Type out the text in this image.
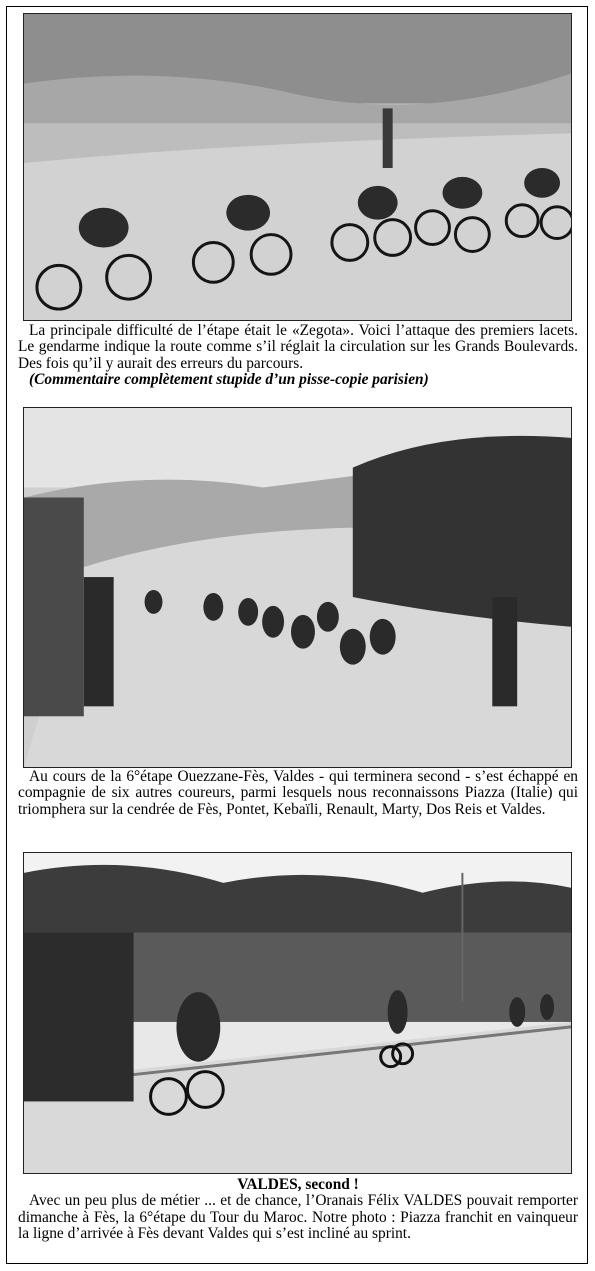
La principale difficulté de l’étape était le «Zegota». Voici l’attaque des premiers lacets. Le gendarme indique la route comme s’il réglait la circulation sur les Grands Boulevards. Des fois qu’il y aurait des erreurs du parcours.

(Commentaire complètement stupide d’un pisse-copie parisien)

Au cours de la 6°étape Ouezzane-Fès, Valdes - qui terminera second - s’est échappé en compagnie de six autres coureurs, parmi lesquels nous reconnaissons Piazza (Italie) qui triomphera sur la cendrée de Fès, Pontet, Kebaïli, Renault, Marty, Dos Reis et Valdes.

VALDES, second !

Avec un peu plus de métier ... et de chance, l’Oranais Félix VALDES pouvait remporter dimanche à Fès, la 6°étape du Tour du Maroc. Notre photo : Piazza franchit en vainqueur la ligne d’arrivée à Fès devant Valdes qui s’est incliné au sprint.
